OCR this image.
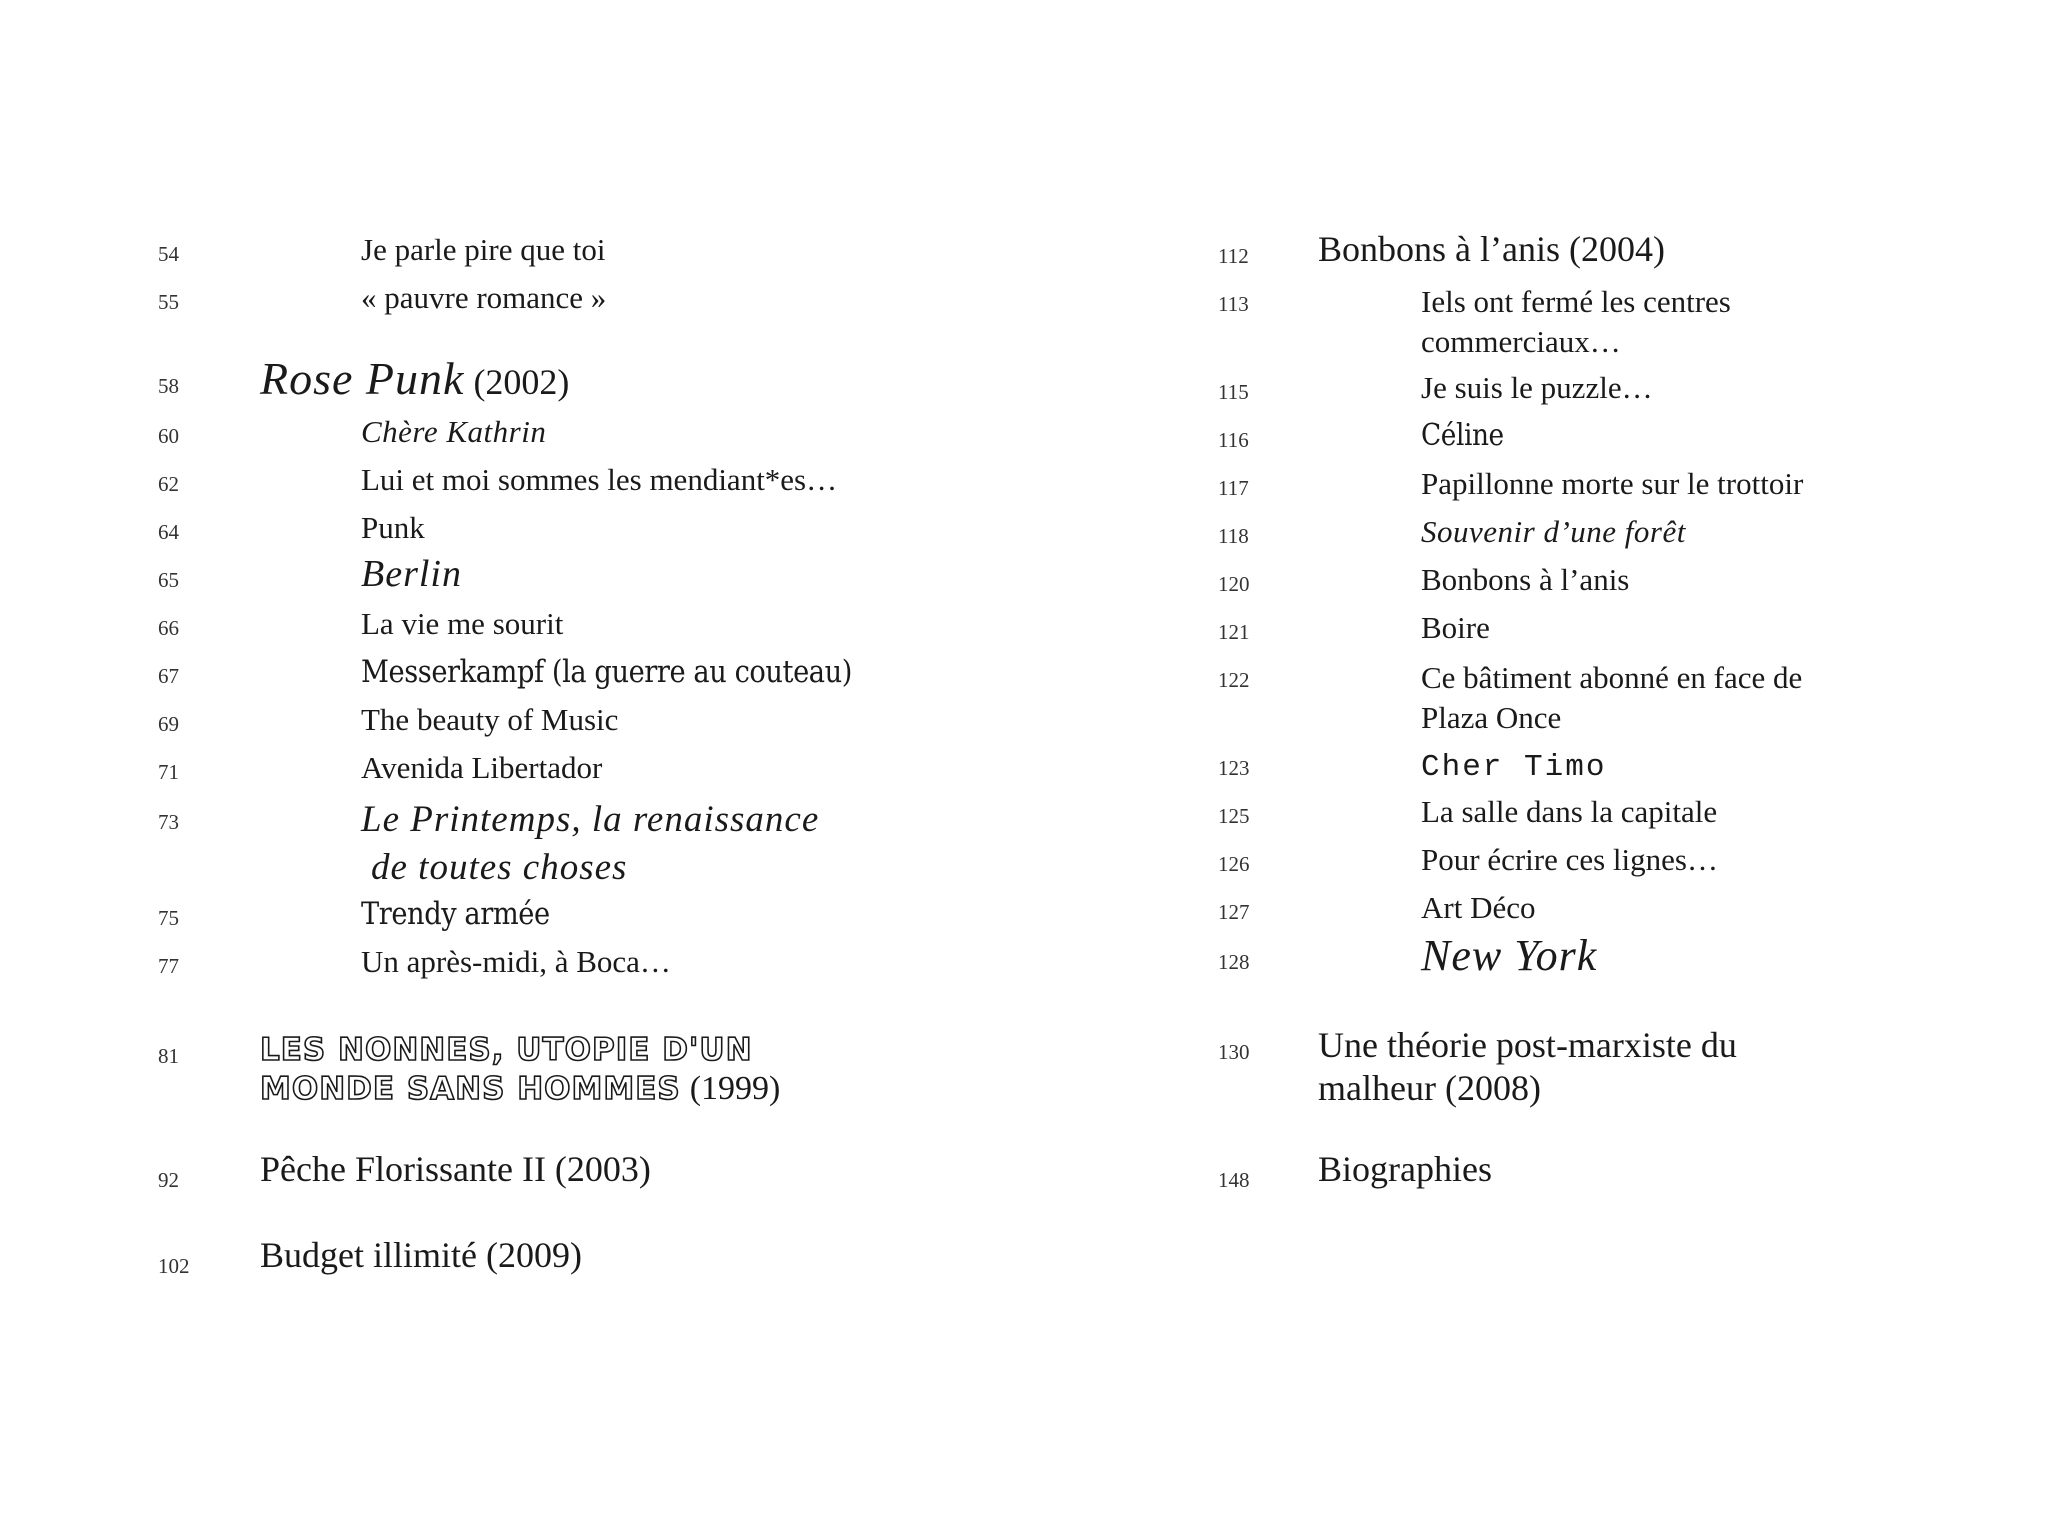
54	Je parle pire que toi
55	« pauvre romance »
58 Rose Punk (2002)
60	Chère Kathrin
62	Lui et moi sommes les mendiant*es…
64	Punk
65	Berlin
66	La vie me sourit
67	Messerkampf (la guerre au couteau)
69	The beauty of Music
71	Avenida Libertador
73	Le Printemps, la renaissance
de toutes choses
75	Trendy armée
77	Un après-midi, à Boca…
81	LES NONNES, UTOPIE D'UN
MONDE SANS HOMMES (1999)
92 Pêche Florissante II (2003)
102 Budget illimité (2009)
112 Bonbons à l’anis (2004)
113	Iels ont fermé les centres
commerciaux…
115	Je suis le puzzle…
116	Céline
117	Papillonne morte sur le trottoir
118	Souvenir d’une forêt
120	Bonbons à l’anis
121	Boire
122	Ce bâtiment abonné en face de
Plaza Once
123	Cher Timo
125	La salle dans la capitale
126	Pour écrire ces lignes…
127	Art Déco
128	New York
130 Une théorie post-marxiste du
malheur (2008)
148 Biographies
